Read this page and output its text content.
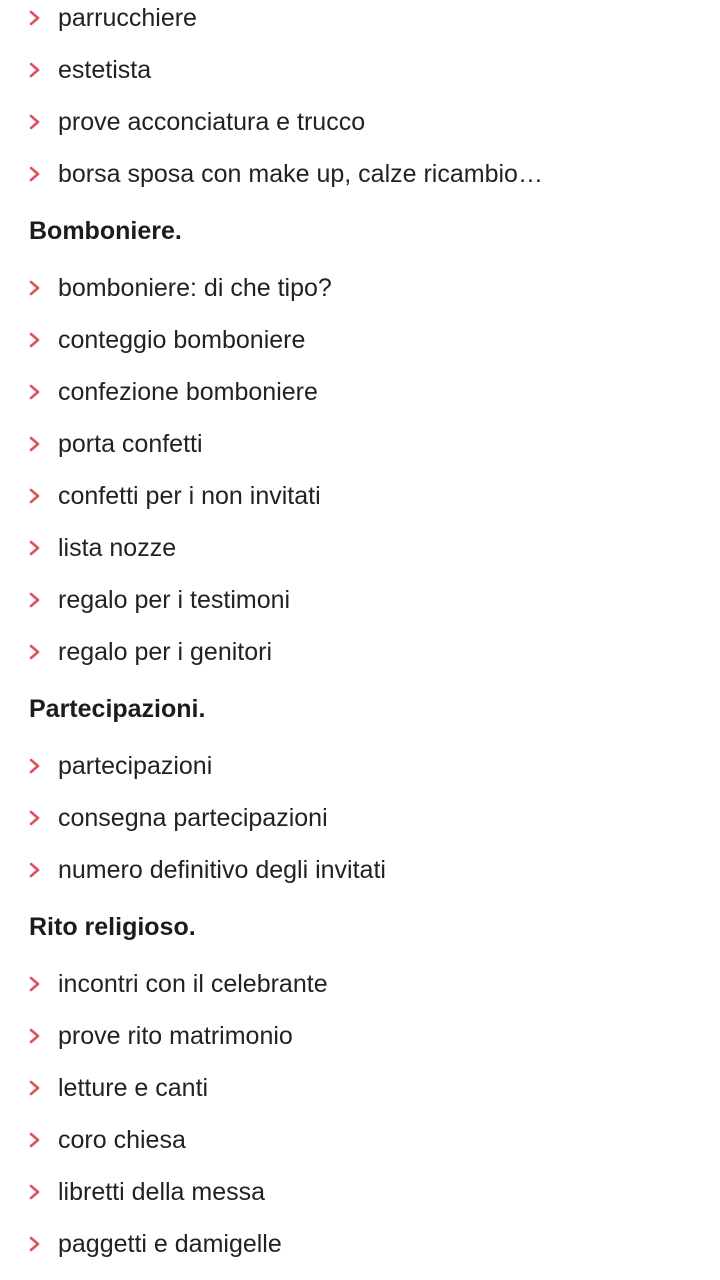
parrucchiere
estetista
prove acconciatura e trucco
borsa sposa con make up, calze ricambio…
Bomboniere.
bomboniere: di che tipo?
conteggio bomboniere
confezione bomboniere
porta confetti
confetti per i non invitati
lista nozze
regalo per i testimoni
regalo per i genitori
Partecipazioni.
partecipazioni
consegna partecipazioni
numero definitivo degli invitati
Rito religioso.
incontri con il celebrante
prove rito matrimonio
letture e canti
coro chiesa
libretti della messa
paggetti e damigelle
